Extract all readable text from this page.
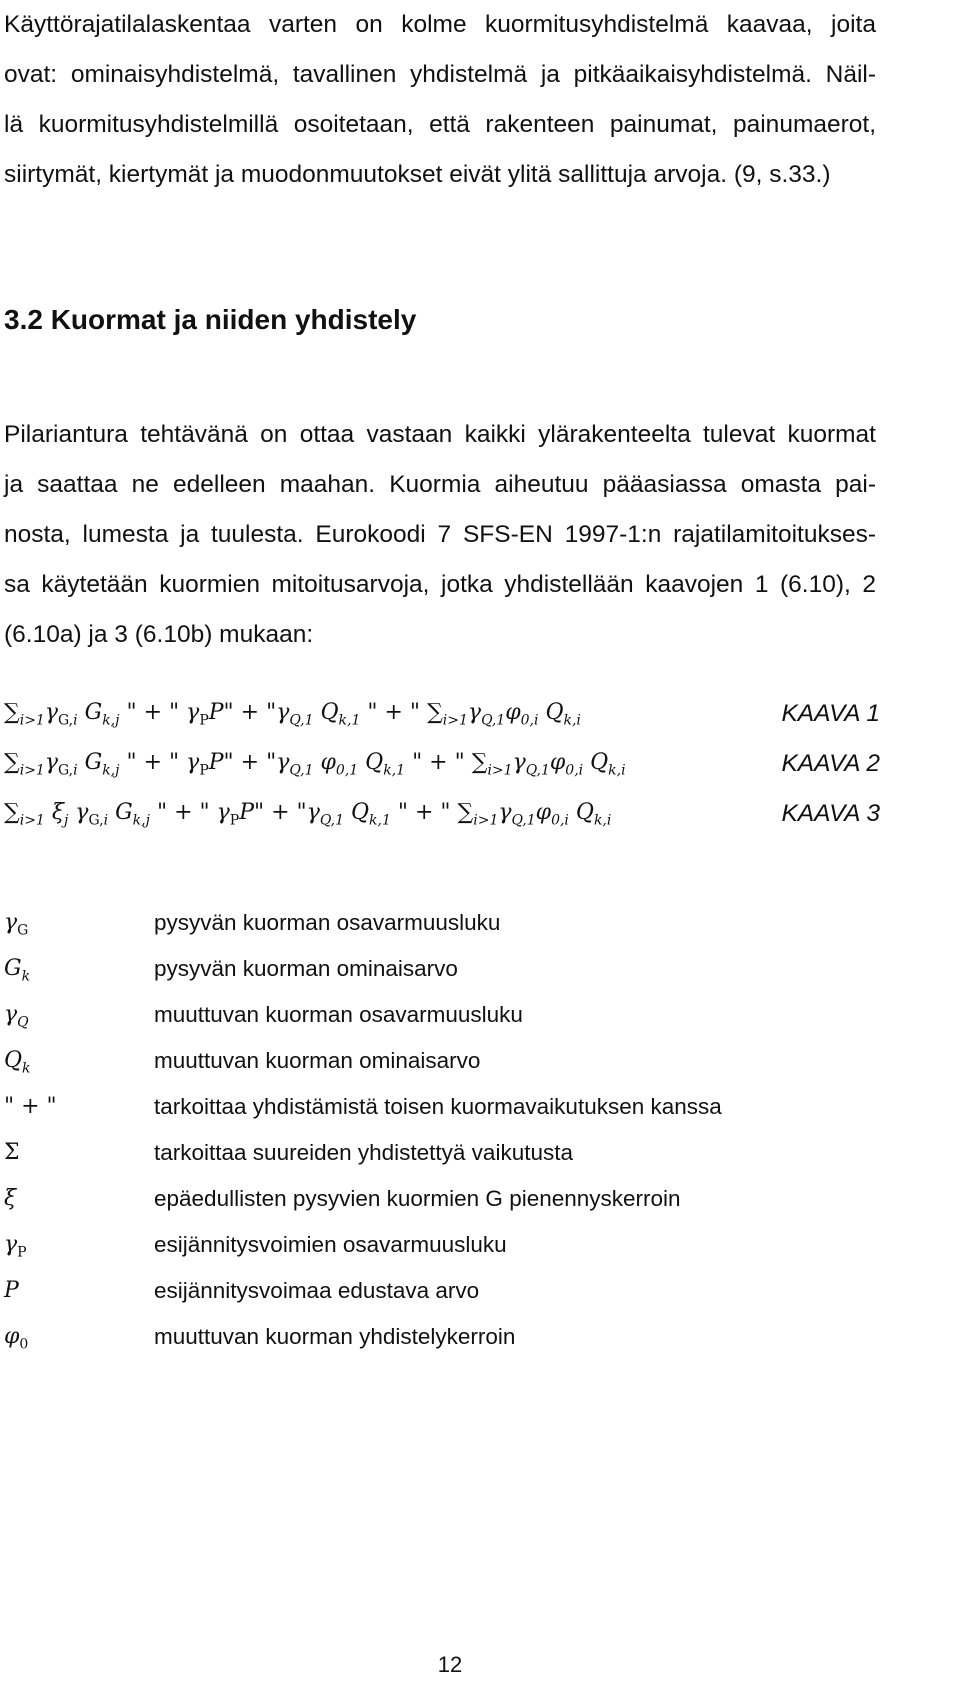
Käyttörajatilalaskentaa varten on kolme kuormitusyhdistelmä kaavaa, joita
ovat: ominaisyhdistelmä, tavallinen yhdistelmä ja pitkäaikaisyhdistelmä. Näil-
lä kuormitusyhdistelmillä osoitetaan, että rakenteen painumat, painumaerot,
siirtymät, kiertymät ja muodonmuutokset eivät ylitä sallittuja arvoja. (9, s.33.)
3.2 Kuormat ja niiden yhdistely
Pilariantura tehtävänä on ottaa vastaan kaikki ylärakenteelta tulevat kuormat
ja saattaa ne edelleen maahan. Kuormia aiheutuu pääasiassa omasta pai-
nosta, lumesta ja tuulesta. Eurokoodi 7 SFS-EN 1997-1:n rajatilamitoitukses-
sa käytetään kuormien mitoitusarvoja, jotka yhdistellään kaavojen 1 (6.10), 2
(6.10a) ja 3 (6.10b) mukaan:
$\sum_{i>1}\gamma_{G,i}$ $G_{k,j}$ " + " $\gamma_PP$" + "$\gamma_{Q,1}$ $Q_{k,1}$ " + " $\sum_{i>1}\gamma_{Q,1}\varphi_{0,i}$ $Q_{k,i}$	KAAVA 1
$\sum_{i>1}\gamma_{G,i}$ $G_{k,j}$ " + " $\gamma_PP$" + "$\gamma_{Q,1}$ $\varphi_{0,1}$ $Q_{k,1}$ " + " $\sum_{i>1}\gamma_{Q,1}\varphi_{0,i}$ $Q_{k,i}$	KAAVA 2
$\sum_{i>1}$ $\xi_j$ $\gamma_{G,i}$ $G_{k,j}$ " + " $\gamma_PP$" + "$\gamma_{Q,1}$ $Q_{k,1}$ " + " $\sum_{i>1}\gamma_{Q,1}\varphi_{0,i}$ $Q_{k,i}$	KAAVA 3
$\gamma_G$	pysyvän kuorman osavarmuusluku
$G_k$	pysyvän kuorman ominaisarvo
$\gamma_Q$	muuttuvan kuorman osavarmuusluku
$Q_k$	muuttuvan kuorman ominaisarvo
" + "	tarkoittaa yhdistämistä toisen kuormavaikutuksen kanssa
Σ	tarkoittaa suureiden yhdistettyä vaikutusta
ξ	epäedullisten pysyvien kuormien G pienennyskerroin
$\gamma_P$	esijännitysvoimien osavarmuusluku
P	esijännitysvoimaa edustava arvo
$\varphi_0$	muuttuvan kuorman yhdistelykerroin
12
